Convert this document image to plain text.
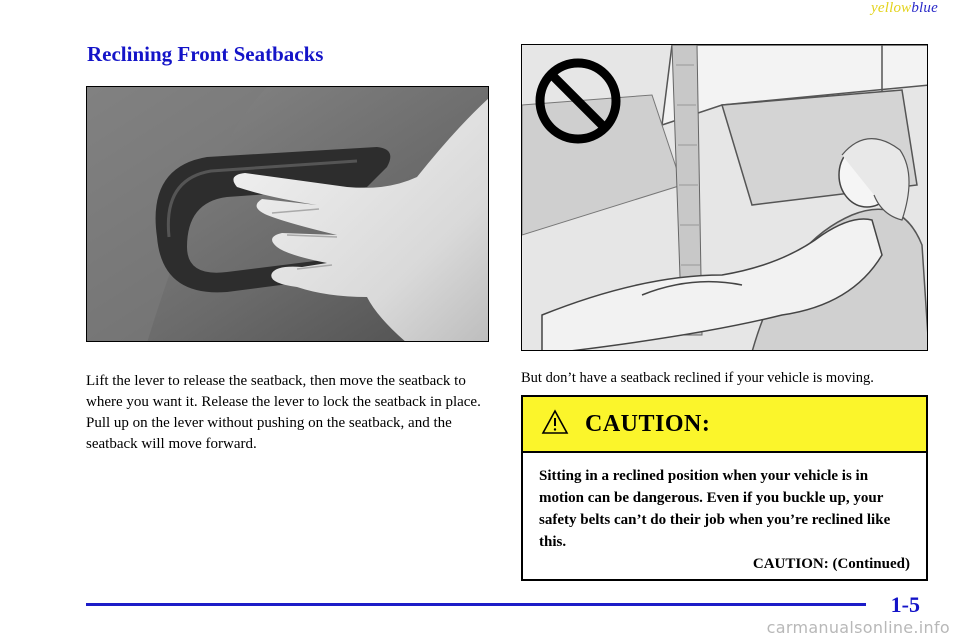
yellowblue
Reclining Front Seatbacks
Lift the lever to release the seatback, then move the seatback to where you want it. Release the lever to lock the seatback in place. Pull up on the lever without pushing on the seatback, and the seatback will move forward.
But don’t have a seatback reclined if your vehicle is moving.
CAUTION:
Sitting in a reclined position when your vehicle is in motion can be dangerous. Even if you buckle up, your safety belts can’t do their job when you’re reclined like this.
CAUTION: (Continued)
1-5
carmanualsonline.info
